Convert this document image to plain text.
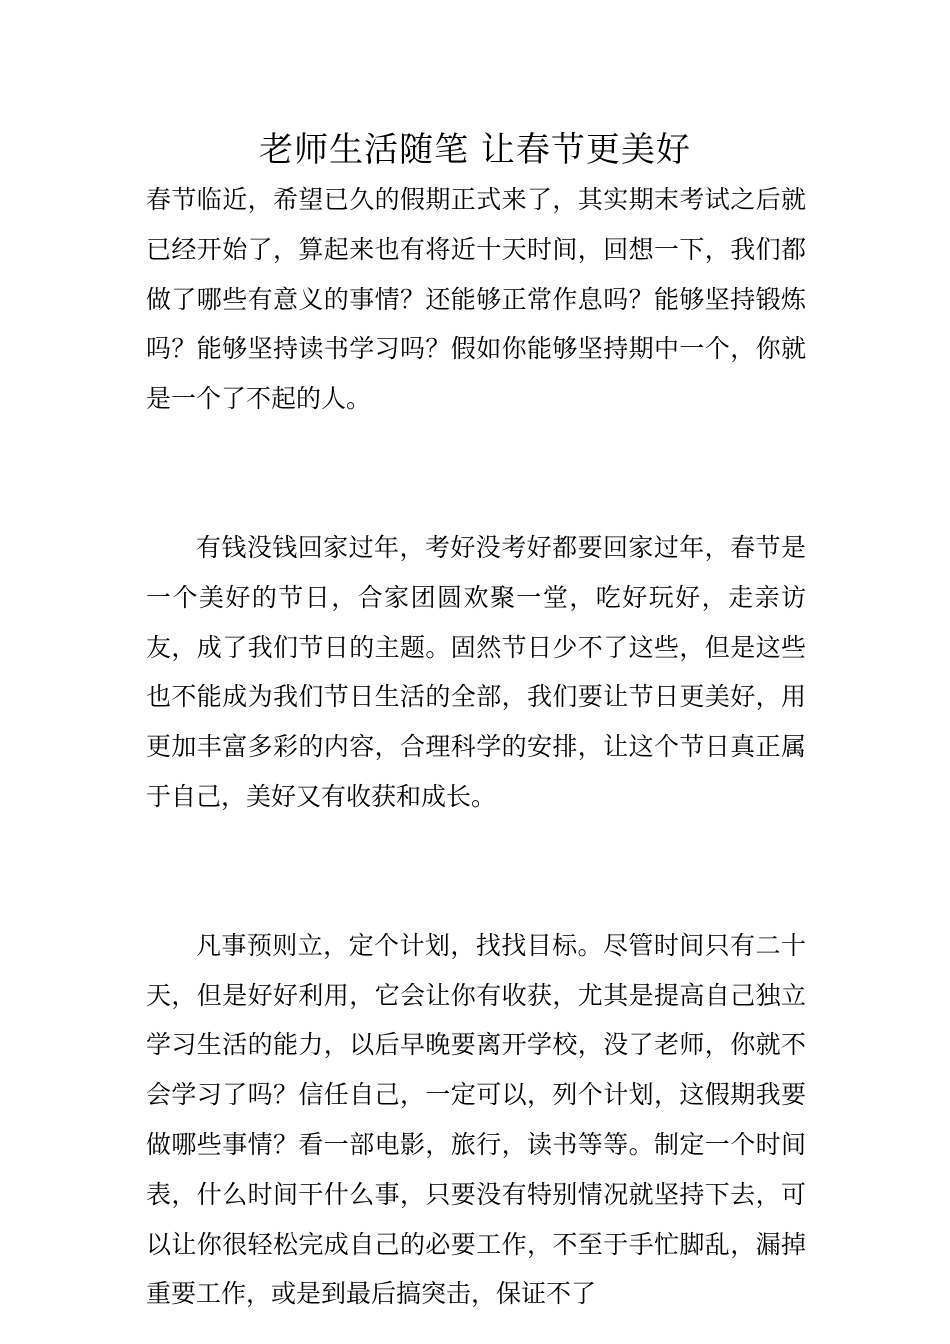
老师生活随笔 让春节更美好

春节临近，希望已久的假期正式来了，其实期末考试之后就已经开始了，算起来也有将近十天时间，回想一下，我们都做了哪些有意义的事情？还能够正常作息吗？能够坚持锻炼吗？能够坚持读书学习吗？假如你能够坚持期中一个，你就是一个了不起的人。

有钱没钱回家过年，考好没考好都要回家过年，春节是一个美好的节日，合家团圆欢聚一堂，吃好玩好，走亲访友，成了我们节日的主题。固然节日少不了这些，但是这些也不能成为我们节日生活的全部，我们要让节日更美好，用更加丰富多彩的内容，合理科学的安排，让这个节日真正属于自己，美好又有收获和成长。

凡事预则立，定个计划，找找目标。尽管时间只有二十天，但是好好利用，它会让你有收获，尤其是提高自己独立学习生活的能力，以后早晚要离开学校，没了老师，你就不会学习了吗？信任自己，一定可以，列个计划，这假期我要做哪些事情？看一部电影，旅行，读书等等。制定一个时间表，什么时间干什么事，只要没有特别情况就坚持下去，可以让你很轻松完成自己的必要工作，不至于手忙脚乱，漏掉重要工作，或是到最后搞突击，保证不了
